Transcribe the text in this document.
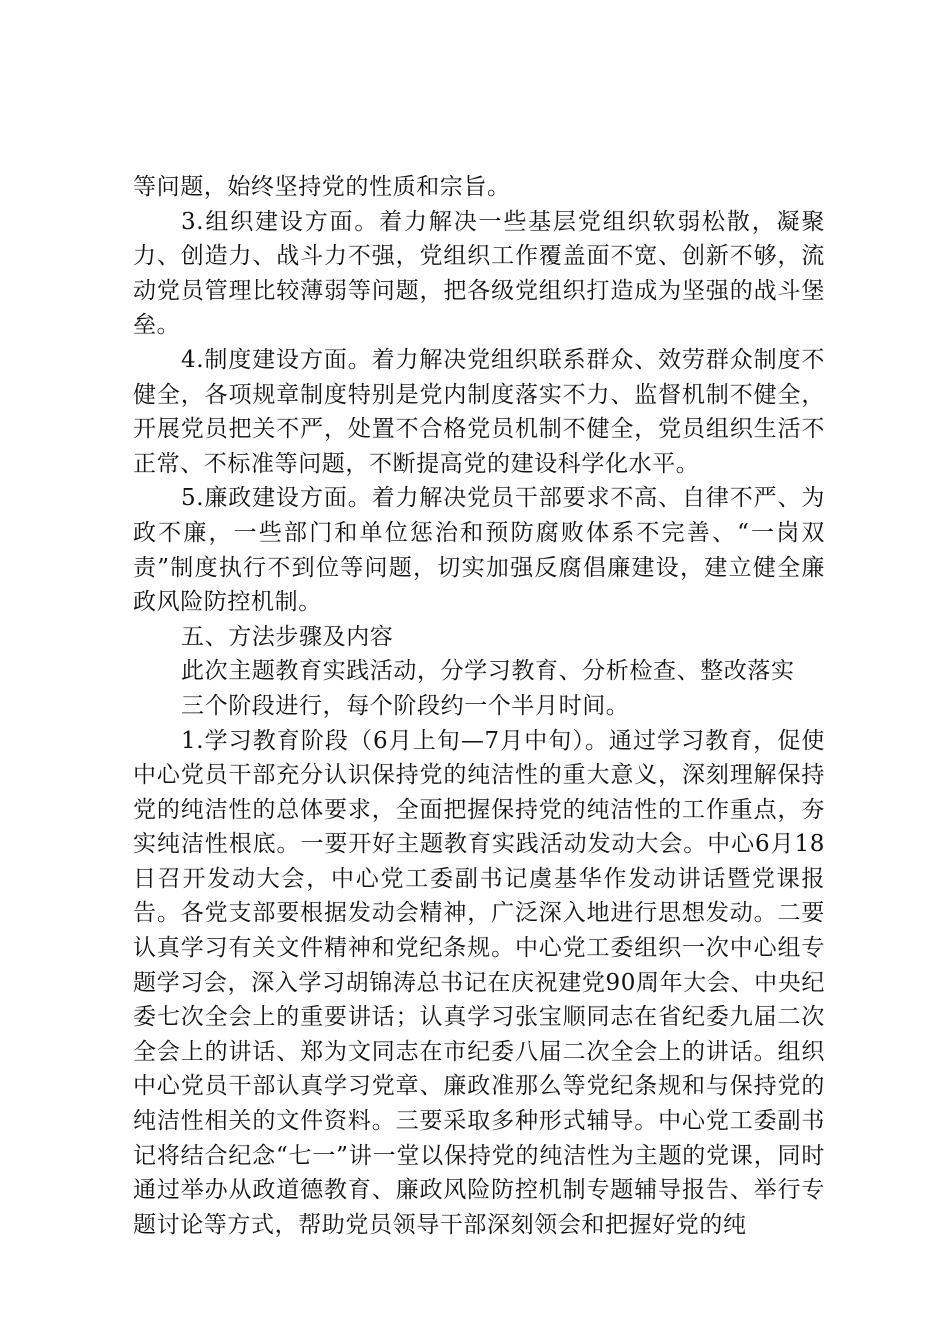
等问题，始终坚持党的性质和宗旨。

3.组织建设方面。着力解决一些基层党组织软弱松散，凝聚力、创造力、战斗力不强，党组织工作覆盖面不宽、创新不够，流动党员管理比较薄弱等问题，把各级党组织打造成为坚强的战斗堡垒。

4.制度建设方面。着力解决党组织联系群众、效劳群众制度不健全，各项规章制度特别是党内制度落实不力、监督机制不健全，开展党员把关不严，处置不合格党员机制不健全，党员组织生活不正常、不标准等问题，不断提高党的建设科学化水平。

5.廉政建设方面。着力解决党员干部要求不高、自律不严、为政不廉，一些部门和单位惩治和预防腐败体系不完善、“一岗双责”制度执行不到位等问题，切实加强反腐倡廉建设，建立健全廉政风险防控机制。

五、方法步骤及内容

此次主题教育实践活动，分学习教育、分析检查、整改落实三个阶段进行，每个阶段约一个半月时间。

1.学习教育阶段（6月上旬—7月中旬）。通过学习教育，促使中心党员干部充分认识保持党的纯洁性的重大意义，深刻理解保持党的纯洁性的总体要求，全面把握保持党的纯洁性的工作重点，夯实纯洁性根底。一要开好主题教育实践活动发动大会。中心6月18日召开发动大会，中心党工委副书记虞基华作发动讲话暨党课报告。各党支部要根据发动会精神，广泛深入地进行思想发动。二要认真学习有关文件精神和党纪条规。中心党工委组织一次中心组专题学习会，深入学习胡锦涛总书记在庆祝建党90周年大会、中央纪委七次全会上的重要讲话；认真学习张宝顺同志在省纪委九届二次全会上的讲话、郑为文同志在市纪委八届二次全会上的讲话。组织中心党员干部认真学习党章、廉政准那么等党纪条规和与保持党的纯洁性相关的文件资料。三要采取多种形式辅导。中心党工委副书记将结合纪念“七一”讲一堂以保持党的纯洁性为主题的党课，同时通过举办从政道德教育、廉政风险防控机制专题辅导报告、举行专题讨论等方式，帮助党员领导干部深刻领会和把握好党的纯
